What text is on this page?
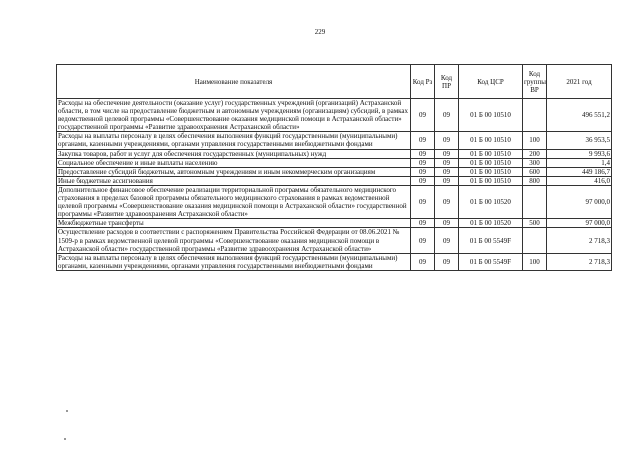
229
Наименование показателя	Код Рз	Код ПР	Код ЦСР	Код группы ВР	2021 год
Расходы на обеспечение деятельности (оказание услуг) государственных учреждений (организаций) Астраханской области, в том числе на предоставление бюджетным и автономным учреждениям (организациям) субсидий, в рамках ведомственной целевой программы «Совершенствование оказания медицинской помощи в Астраханской области» государственной программы «Развитие здравоохранения Астраханской области»	09	09	01 Б 00 10510		496 551,2
Расходы на выплаты персоналу в целях обеспечения выполнения функций государственными (муниципальными) органами, казенными учреждениями, органами управления государственными внебюджетными фондами	09	09	01 Б 00 10510	100	36 953,5
Закупка товаров, работ и услуг для обеспечения государственных (муниципальных) нужд	09	09	01 Б 00 10510	200	9 993,6
Социальное обеспечение и иные выплаты населению	09	09	01 Б 00 10510	300	1,4
Предоставление субсидий бюджетным, автономным учреждениям и иным некоммерческим организациям	09	09	01 Б 00 10510	600	449 186,7
Иные бюджетные ассигнования	09	09	01 Б 00 10510	800	416,0
Дополнительное финансовое обеспечение реализации территориальной программы обязательного медицинского страхования в пределах базовой программы обязательного медицинского страхования в рамках ведомственной целевой программы «Совершенствование оказания медицинской помощи в Астраханской области» государственной программы «Развитие здравоохранения Астраханской области»	09	09	01 Б 00 10520		97 000,0
Межбюджетные трансферты	09	09	01 Б 00 10520	500	97 000,0
Осуществление расходов в соответствии с распоряжением Правительства Российской Федерации от 08.06.2021 № 1509-р в рамках ведомственной целевой программы «Совершенствование оказания медицинской помощи в Астраханской области» государственной программы «Развитие здравоохранения Астраханской области»	09	09	01 Б 00 5549F		2 718,3
Расходы на выплаты персоналу в целях обеспечения выполнения функций государственными (муниципальными) органами, казенными учреждениями, органами управления государственными внебюджетными фондами	09	09	01 Б 00 5549F	100	2 718,3
